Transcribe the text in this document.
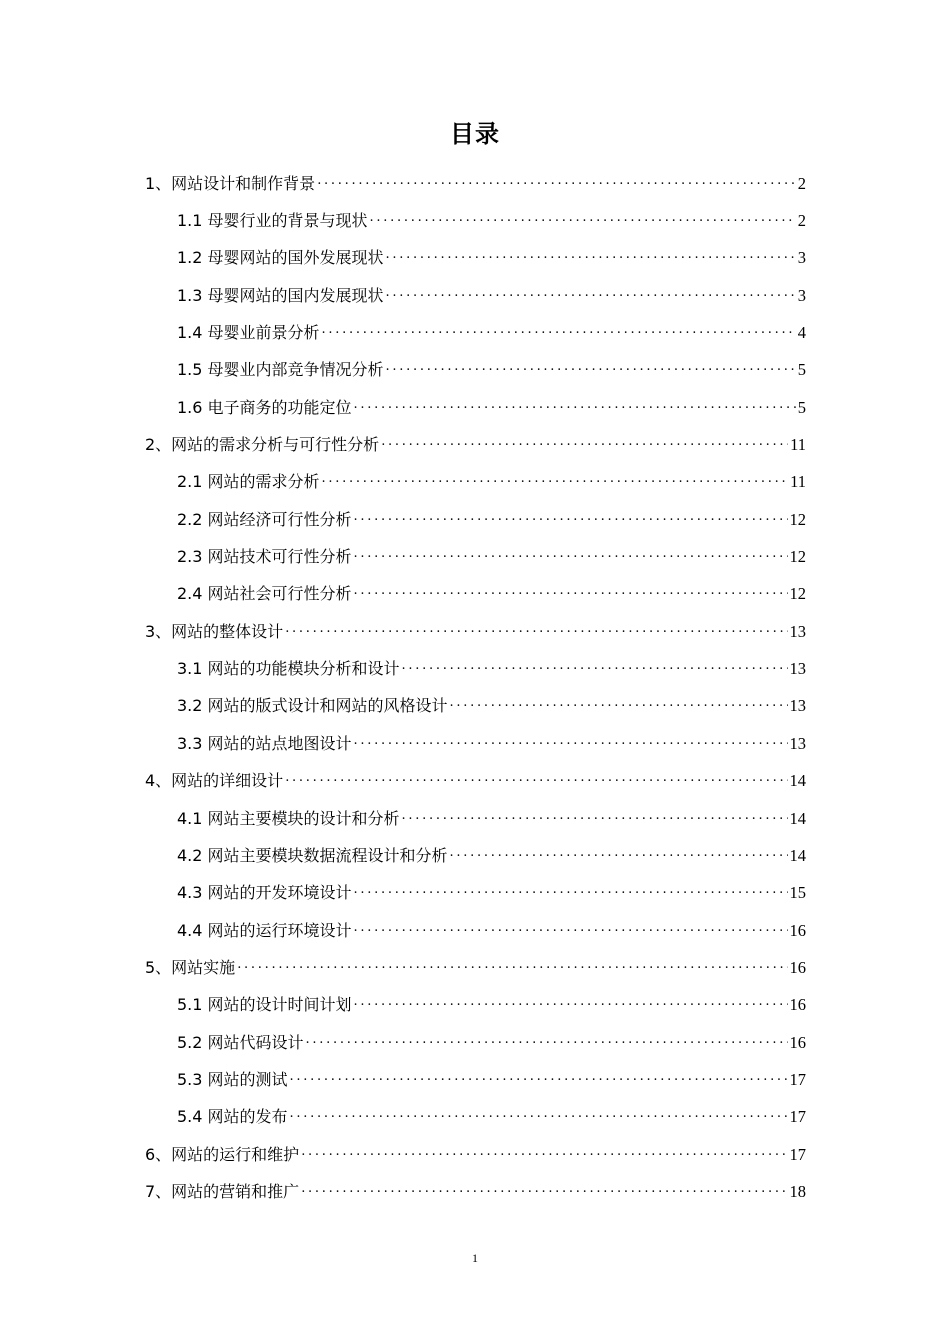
目录
1、网站设计和制作背景 . . .	2
1.1 母婴行业的背景与现状 . . .	2
1.2 母婴网站的国外发展现状 . . .	3
1.3 母婴网站的国内发展现状 . . .	3
1.4 母婴业前景分析 . . .	4
1.5 母婴业内部竞争情况分析 . . .	5
1.6 电子商务的功能定位 . . .	5
2、网站的需求分析与可行性分析 . . .	11
2.1 网站的需求分析 . . .	11
2.2 网站经济可行性分析 . . .	12
2.3 网站技术可行性分析 . . .	12
2.4 网站社会可行性分析 . . .	12
3、网站的整体设计 . . .	13
3.1 网站的功能模块分析和设计 . . .	13
3.2 网站的版式设计和网站的风格设计 . . .	13
3.3 网站的站点地图设计 . . .	13
4、网站的详细设计 . . .	14
4.1 网站主要模块的设计和分析 . . .	14
4.2 网站主要模块数据流程设计和分析 . . .	14
4.3 网站的开发环境设计 . . .	15
4.4 网站的运行环境设计 . . .	16
5、网站实施 . . .	16
5.1 网站的设计时间计划 . . .	16
5.2 网站代码设计 . . .	16
5.3 网站的测试 . . .	17
5.4 网站的发布 . . .	17
6、网站的运行和维护 . . .	17
7、网站的营销和推广 . . .	18
1
